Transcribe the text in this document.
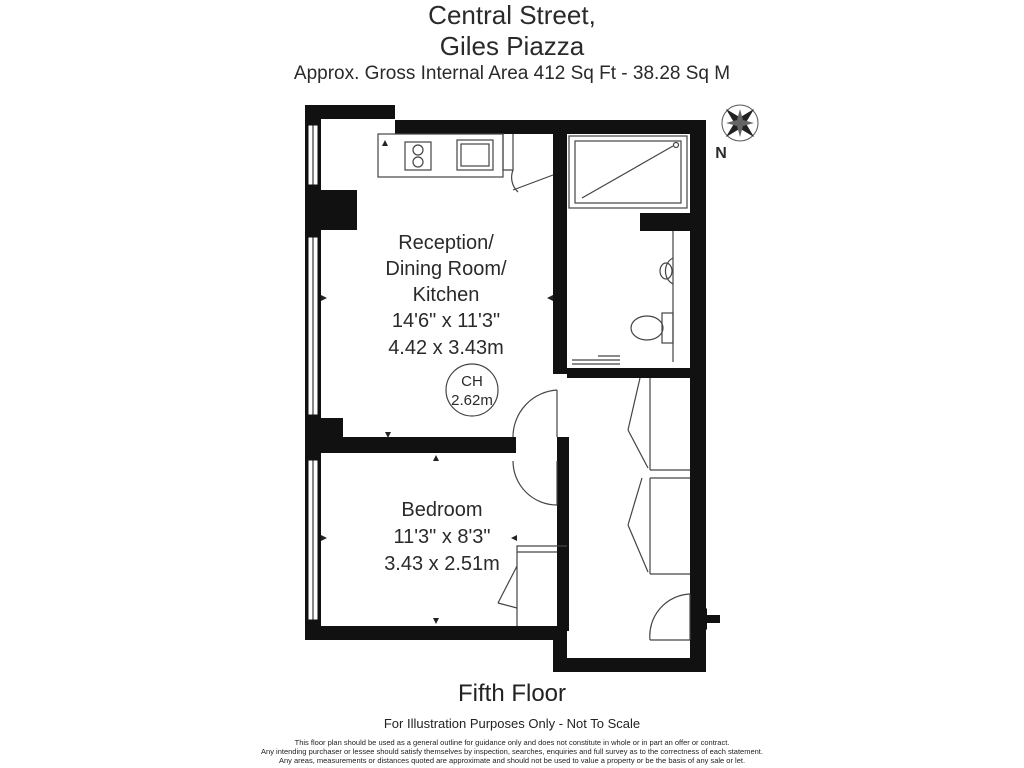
Central Street,
Giles Piazza
Approx. Gross Internal Area 412 Sq Ft - 38.28 Sq M
N
Reception/
Dining Room/
Kitchen
14'6" x 11'3"
4.42 x 3.43m
CH
2.62m
Bedroom
11'3" x 8'3"
3.43 x 2.51m
Fifth Floor
For Illustration Purposes Only - Not To Scale
This floor plan should be used as a general outline for guidance only and does not constitute in whole or in part an offer or contract.
Any intending purchaser or lessee should satisfy themselves by inspection, searches, enquiries and full survey as to the correctness of each statement.
Any areas, measurements or distances quoted are approximate and should not be used to value a property or be the basis of any sale or let.
